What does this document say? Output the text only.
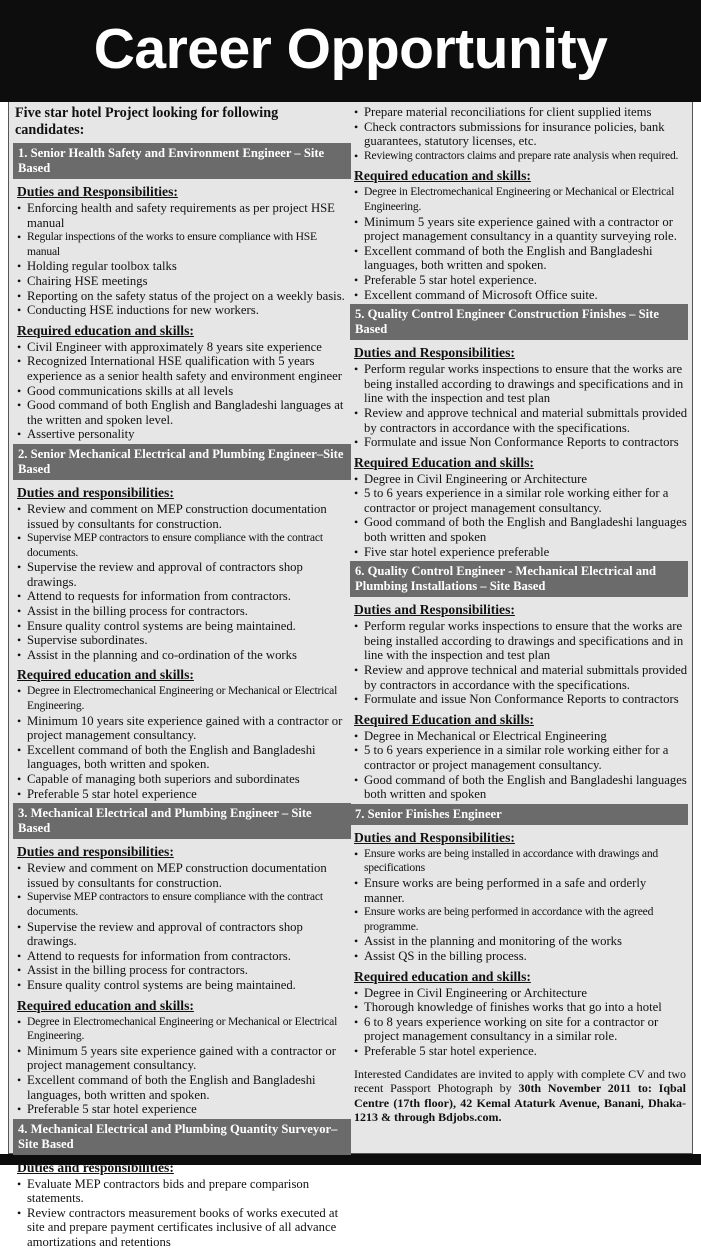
Career Opportunity
Five star hotel Project looking for following candidates:
1. Senior Health Safety and Environment Engineer – Site Based
Duties and Responsibilities:
• Enforcing health and safety requirements as per project HSE manual
• Regular inspections of the works to ensure compliance with HSE manual
• Holding regular toolbox talks
• Chairing HSE meetings
• Reporting on the safety status of the project on a weekly basis.
• Conducting HSE inductions for new workers.
Required education and skills:
• Civil Engineer with approximately 8 years site experience
• Recognized International HSE qualification with 5 years experience as a senior health safety and environment engineer
• Good communications skills at all levels
• Good command of both English and Bangladeshi languages at the written and spoken level.
• Assertive personality
2. Senior Mechanical Electrical and Plumbing Engineer–Site Based
Duties and responsibilities:
• Review and comment on MEP construction documentation issued by consultants for construction.
• Supervise MEP contractors to ensure compliance with the contract documents.
• Supervise the review and approval of contractors shop drawings.
• Attend to requests for information from contractors.
• Assist in the billing process for contractors.
• Ensure quality control systems are being maintained.
• Supervise subordinates.
• Assist in the planning and co-ordination of the works
Required education and skills:
• Degree in Electromechanical Engineering or Mechanical or Electrical Engineering.
• Minimum 10 years site experience gained with a contractor or project management consultancy.
• Excellent command of both the English and Bangladeshi languages, both written and spoken.
• Capable of managing both superiors and subordinates
• Preferable 5 star hotel experience
3. Mechanical Electrical and Plumbing Engineer – Site Based
Duties and responsibilities:
• Review and comment on MEP construction documentation issued by consultants for construction.
• Supervise MEP contractors to ensure compliance with the contract documents.
• Supervise the review and approval of contractors shop drawings.
• Attend to requests for information from contractors.
• Assist in the billing process for contractors.
• Ensure quality control systems are being maintained.
Required education and skills:
• Degree in Electromechanical Engineering or Mechanical or Electrical Engineering.
• Minimum 5 years site experience gained with a contractor or project management consultancy.
• Excellent command of both the English and Bangladeshi languages, both written and spoken.
• Preferable 5 star hotel experience
4. Mechanical Electrical and Plumbing Quantity Surveyor–Site Based
Duties and responsibilities:
• Evaluate MEP contractors bids and prepare comparison statements.
• Review contractors measurement books of works executed at site and prepare payment certificates inclusive of all advance amortizations and retentions
• Prepare material reconciliations for client supplied items
• Check contractors submissions for insurance policies, bank guarantees, statutory licenses, etc.
• Reviewing contractors claims and prepare rate analysis when required.
Required education and skills:
• Degree in Electromechanical Engineering or Mechanical or Electrical Engineering.
• Minimum 5 years site experience gained with a contractor or project management consultancy in a quantity surveying role.
• Excellent command of both the English and Bangladeshi languages, both written and spoken.
• Preferable 5 star hotel experience.
• Excellent command of Microsoft Office suite.
5. Quality Control Engineer Construction Finishes – Site Based
Duties and Responsibilities:
• Perform regular works inspections to ensure that the works are being installed according to drawings and specifications and in line with the inspection and test plan
• Review and approve technical and material submittals provided by contractors in accordance with the specifications.
• Formulate and issue Non Conformance Reports to contractors
Required Education and skills:
• Degree in Civil Engineering or Architecture
• 5 to 6 years experience in a similar role working either for a contractor or project management consultancy.
• Good command of both the English and Bangladeshi languages both written and spoken
• Five star hotel experience preferable
6. Quality Control Engineer - Mechanical Electrical and Plumbing Installations – Site Based
Duties and Responsibilities:
• Perform regular works inspections to ensure that the works are being installed according to drawings and specifications and in line with the inspection and test plan
• Review and approve technical and material submittals provided by contractors in accordance with the specifications.
• Formulate and issue Non Conformance Reports to contractors
Required Education and skills:
• Degree in Mechanical or Electrical Engineering
• 5 to 6 years experience in a similar role working either for a contractor or project management consultancy.
• Good command of both the English and Bangladeshi languages both written and spoken
7. Senior Finishes Engineer
Duties and Responsibilities:
• Ensure works are being installed in accordance with drawings and specifications
• Ensure works are being performed in a safe and orderly manner.
• Ensure works are being performed in accordance with the agreed programme.
• Assist in the planning and monitoring of the works
• Assist QS in the billing process.
Required education and skills:
• Degree in Civil Engineering or Architecture
• Thorough knowledge of finishes works that go into a hotel
• 6 to 8 years experience working on site for a contractor or project management consultancy in a similar role.
• Preferable 5 star hotel experience.
Interested Candidates are invited to apply with complete CV and two recent Passport Photograph by 30th November 2011 to: Iqbal Centre (17th floor), 42 Kemal Ataturk Avenue, Banani, Dhaka-1213 & through Bdjobs.com.
